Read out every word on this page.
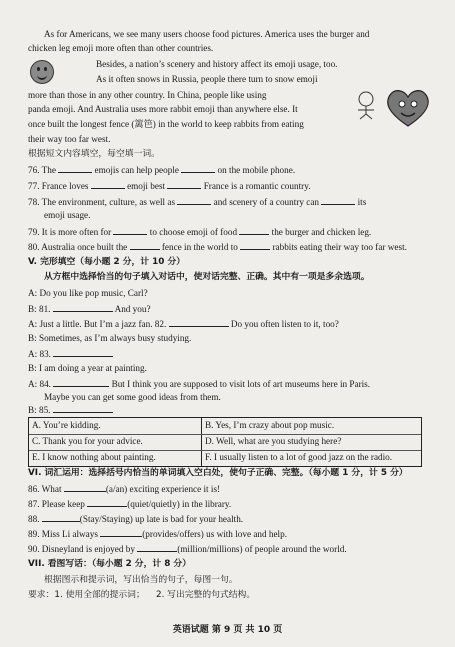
As for Americans, we see many users choose food pictures. America uses the burger and
chicken leg emoji more often than other countries.
Besides, a nation’s scenery and history affect its emoji usage, too.
As it often snows in Russia, people there turn to snow emoji
more than those in any other country. In China, people like using
panda emoji. And Australia uses more rabbit emoji than anywhere else. It
once built the longest fence (篱笆) in the world to keep rabbits from eating
their way too far west.
根据短文内容填空，每空填一词。
76. The	emojis can help people	on the mobile phone.
77. France loves	emoji best	France is a romantic country.
78. The environment, culture, as well as	and scenery of a country can	its
emoji usage.
79. It is more often for	to choose emoji of food	the burger and chicken leg.
80. Australia once built the	fence in the world to	rabbits eating their way too far west.
V. 完形填空（每小题 2 分，计 10 分）
从方框中选择恰当的句子填入对话中，使对话完整、正确。其中有一项是多余选项。
A: Do you like pop music, Carl?
B: 81.	And you?
A: Just a little. But I’m a jazz fan. 82.	Do you often listen to it, too?
B: Sometimes, as I’m always busy studying.
A: 83.
B: I am doing a year at painting.
A: 84.	But I think you are supposed to visit lots of art museums here in Paris.
Maybe you can get some good ideas from them.
B: 85.
A. You’re kidding.	B. Yes, I’m crazy about pop music.
C. Thank you for your advice.	D. Well, what are you studying here?
E. I know nothing about painting.	F. I usually listen to a lot of good jazz on the radio.
VI. 词汇运用：选择括号内恰当的单词填入空白处，使句子正确、完整。（每小题 1 分，计 5 分）
86. What	(a/an) exciting experience it is!
87. Please keep	(quiet/quietly) in the library.
88.	(Stay/Staying) up late is bad for your health.
89. Miss Li always	(provides/offers) us with love and help.
90. Disneyland is enjoyed by	(million/millions) of people around the world.
VII. 看图写话：（每小题 2 分，计 8 分）
根据图示和提示词，写出恰当的句子，每图一句。
要求：1. 使用全部的提示词； 2. 写出完整的句式结构。
英语试题 第 9 页 共 10 页
